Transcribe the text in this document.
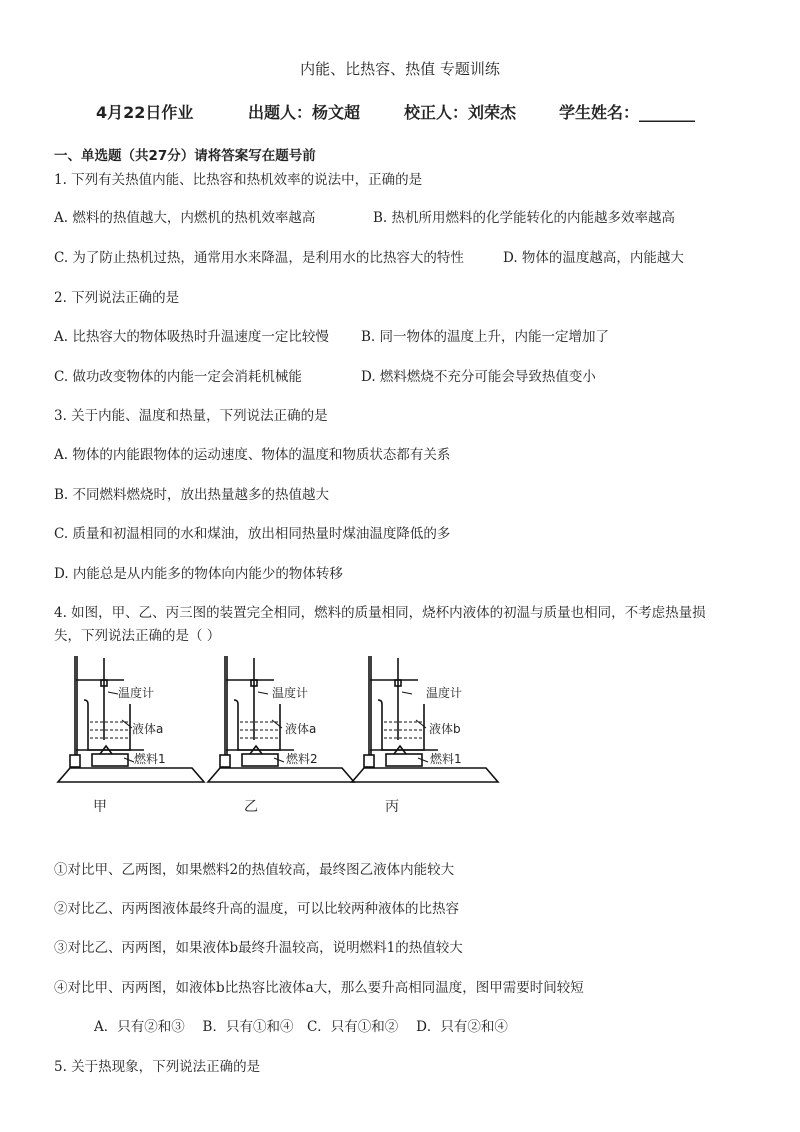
内能、比热容、热值 专题训练
4月22日作业	出题人：杨文超	校正人：刘荣杰	学生姓名：_______
一、单选题（共27分）请将答案写在题号前
1. 下列有关热值内能、比热容和热机效率的说法中，正确的是
A. 燃料的热值越大，内燃机的热机效率越高	B. 热机所用燃料的化学能转化的内能越多效率越高
C. 为了防止热机过热，通常用水来降温，是利用水的比热容大的特性	D. 物体的温度越高，内能越大
2. 下列说法正确的是
A. 比热容大的物体吸热时升温速度一定比较慢 B. 同一物体的温度上升，内能一定增加了
C. 做功改变物体的内能一定会消耗机械能	D. 燃料燃烧不充分可能会导致热值变小
3. 关于内能、温度和热量，下列说法正确的是
A. 物体的内能跟物体的运动速度、物体的温度和物质状态都有关系
B. 不同燃料燃烧时，放出热量越多的热值越大
C. 质量和初温相同的水和煤油，放出相同热量时煤油温度降低的多
D. 内能总是从内能多的物体向内能少的物体转移
4. 如图，甲、乙、丙三图的装置完全相同，燃料的质量相同，烧杯内液体的初温与质量也相同，不考虑热量损
失，下列说法正确的是（ ）
温度计
液体a
燃料1
甲
温度计
液体a
燃料2
乙
温度计
液体b
燃料1
丙
①对比甲、乙两图，如果燃料2的热值较高，最终图乙液体内能较大
②对比乙、丙两图液体最终升高的温度，可以比较两种液体的比热容
③对比乙、丙两图，如果液体b最终升温较高，说明燃料1的热值较大
④对比甲、丙两图，如液体b比热容比液体a大，那么要升高相同温度，图甲需要时间较短
A．只有②和③　 B．只有①和④　C．只有①和②　 D．只有②和④
5. 关于热现象，下列说法正确的是
